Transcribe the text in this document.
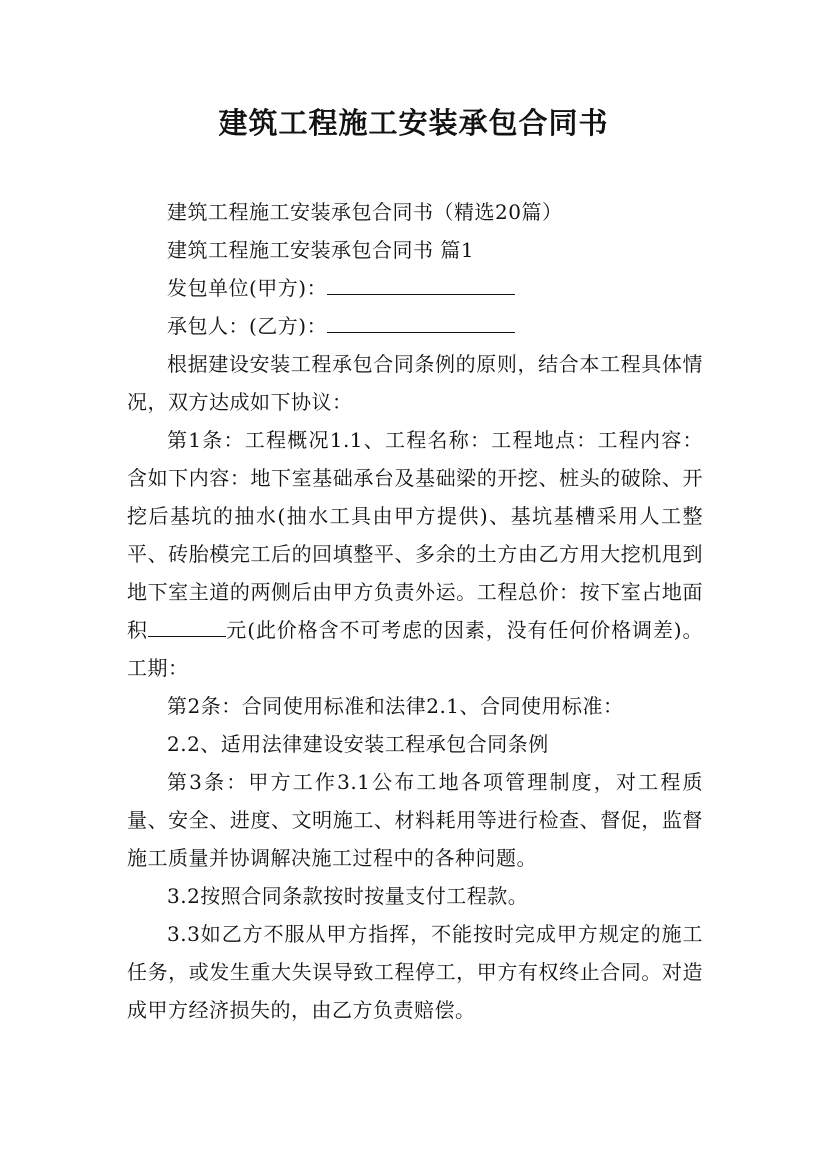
建筑工程施工安装承包合同书

建筑工程施工安装承包合同书（精选20篇）

建筑工程施工安装承包合同书 篇1

发包单位(甲方)：

承包人：(乙方)：

根据建设安装工程承包合同条例的原则，结合本工程具体情况，双方达成如下协议：

第1条：工程概况1.1、工程名称：工程地点：工程内容：含如下内容：地下室基础承台及基础梁的开挖、桩头的破除、开挖后基坑的抽水(抽水工具由甲方提供)、基坑基槽采用人工整平、砖胎模完工后的回填整平、多余的土方由乙方用大挖机甩到地下室主道的两侧后由甲方负责外运。工程总价：按下室占地面积	元(此价格含不可考虑的因素，没有任何价格调差)。工期：

第2条：合同使用标准和法律2.1、合同使用标准：

2.2、适用法律建设安装工程承包合同条例

第3条：甲方工作3.1公布工地各项管理制度，对工程质量、安全、进度、文明施工、材料耗用等进行检查、督促，监督施工质量并协调解决施工过程中的各种问题。

3.2按照合同条款按时按量支付工程款。

3.3如乙方不服从甲方指挥，不能按时完成甲方规定的施工任务，或发生重大失误导致工程停工，甲方有权终止合同。对造成甲方经济损失的，由乙方负责赔偿。
